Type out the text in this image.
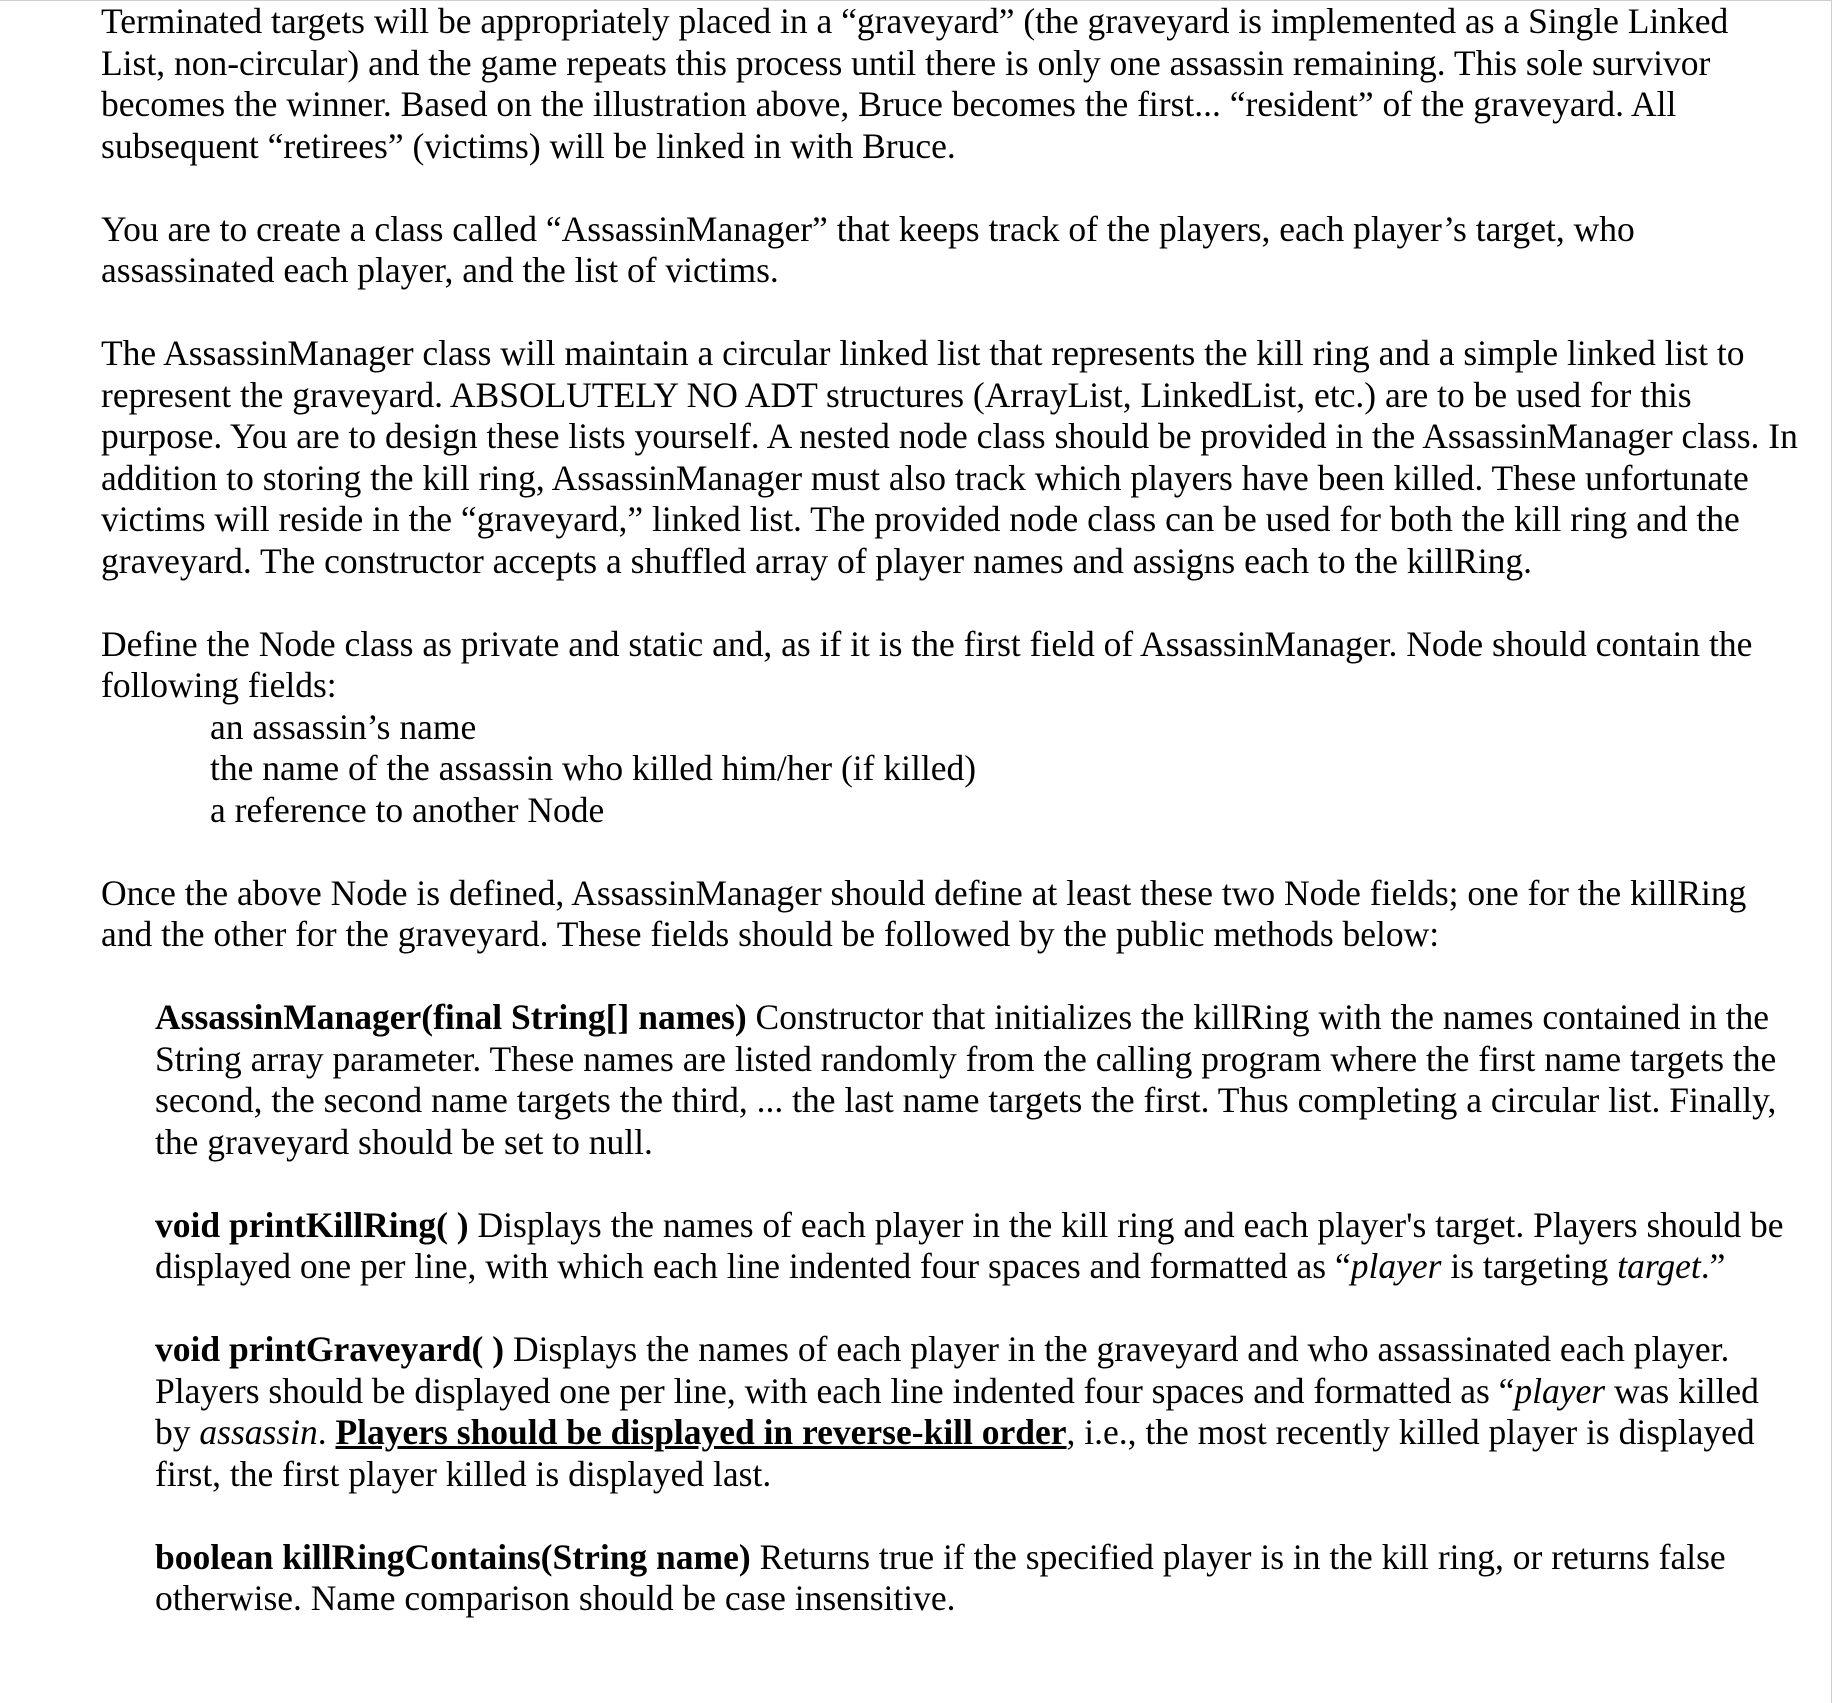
Terminated targets will be appropriately placed in a “graveyard” (the graveyard is implemented as a Single Linked List, non-circular) and the game repeats this process until there is only one assassin remaining. This sole survivor becomes the winner. Based on the illustration above, Bruce becomes the first... “resident” of the graveyard. All subsequent “retirees” (victims) will be linked in with Bruce.

You are to create a class called “AssassinManager” that keeps track of the players, each player’s target, who assassinated each player, and the list of victims.

The AssassinManager class will maintain a circular linked list that represents the kill ring and a simple linked list to represent the graveyard. ABSOLUTELY NO ADT structures (ArrayList, LinkedList, etc.) are to be used for this purpose. You are to design these lists yourself. A nested node class should be provided in the AssassinManager class. In addition to storing the kill ring, AssassinManager must also track which players have been killed. These unfortunate victims will reside in the “graveyard,” linked list. The provided node class can be used for both the kill ring and the graveyard. The constructor accepts a shuffled array of player names and assigns each to the killRing.

Define the Node class as private and static and, as if it is the first field of AssassinManager. Node should contain the following fields:

an assassin’s name

the name of the assassin who killed him/her (if killed)

a reference to another Node

Once the above Node is defined, AssassinManager should define at least these two Node fields; one for the killRing and the other for the graveyard. These fields should be followed by the public methods below:

AssassinManager(final String[] names) Constructor that initializes the killRing with the names contained in the String array parameter. These names are listed randomly from the calling program where the first name targets the second, the second name targets the third, ... the last name targets the first. Thus completing a circular list. Finally, the graveyard should be set to null.

void printKillRing( ) Displays the names of each player in the kill ring and each player's target. Players should be displayed one per line, with which each line indented four spaces and formatted as “player is targeting target.”

void printGraveyard( ) Displays the names of each player in the graveyard and who assassinated each player. Players should be displayed one per line, with each line indented four spaces and formatted as “player was killed by assassin. Players should be displayed in reverse-kill order, i.e., the most recently killed player is displayed first, the first player killed is displayed last.

boolean killRingContains(String name) Returns true if the specified player is in the kill ring, or returns false otherwise. Name comparison should be case insensitive.
